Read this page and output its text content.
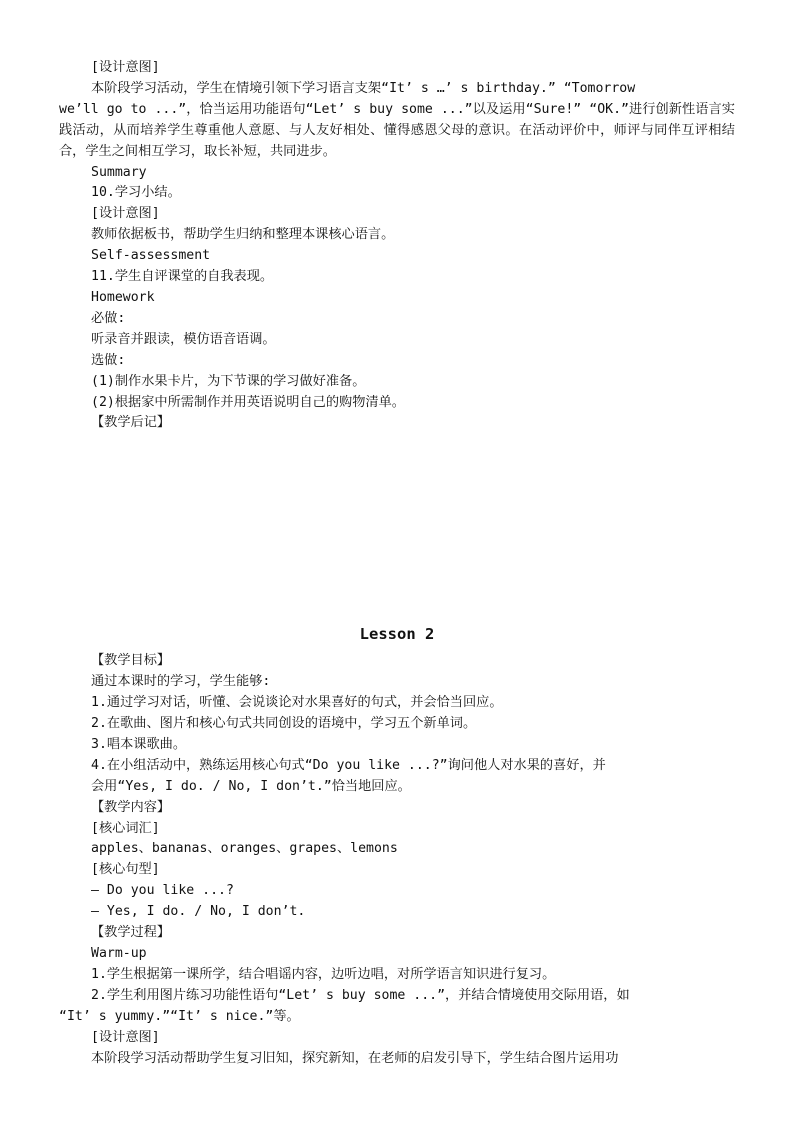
[设计意图]

本阶段学习活动，学生在情境引领下学习语言支架“It’ s …’ s birthday.” “Tomorrow

we’ll go to ...”，恰当运用功能语句“Let’ s buy some ...”以及运用“Sure!” “OK.”进行创新性语言实践活动，从而培养学生尊重他人意愿、与人友好相处、懂得感恩父母的意识。在活动评价中，师评与同伴互评相结合，学生之间相互学习，取长补短，共同进步。

Summary

10.学习小结。

[设计意图]

教师依据板书，帮助学生归纳和整理本课核心语言。

Self-assessment

11.学生自评课堂的自我表现。

Homework

必做:

听录音并跟读，模仿语音语调。

选做:

(1)制作水果卡片，为下节课的学习做好准备。

(2)根据家中所需制作并用英语说明自己的购物清单。

【教学后记】

Lesson 2

【教学目标】

通过本课时的学习，学生能够:

1.通过学习对话，听懂、会说谈论对水果喜好的句式，并会恰当回应。

2.在歌曲、图片和核心句式共同创设的语境中，学习五个新单词。

3.唱本课歌曲。

4.在小组活动中，熟练运用核心句式“Do you like ...?”询问他人对水果的喜好，并

会用“Yes, I do. / No, I don’t.”恰当地回应。

【教学内容】

[核心词汇]

apples、bananas、oranges、grapes、lemons

[核心句型]

— Do you like ...?

— Yes, I do. / No, I don’t.

【教学过程】

Warm-up

1.学生根据第一课所学，结合唱谣内容，边听边唱，对所学语言知识进行复习。

2.学生利用图片练习功能性语句“Let’ s buy some ...”，并结合情境使用交际用语，如

“It’ s yummy.”“It’ s nice.”等。

[设计意图]

本阶段学习活动帮助学生复习旧知，探究新知，在老师的启发引导下，学生结合图片运用功
